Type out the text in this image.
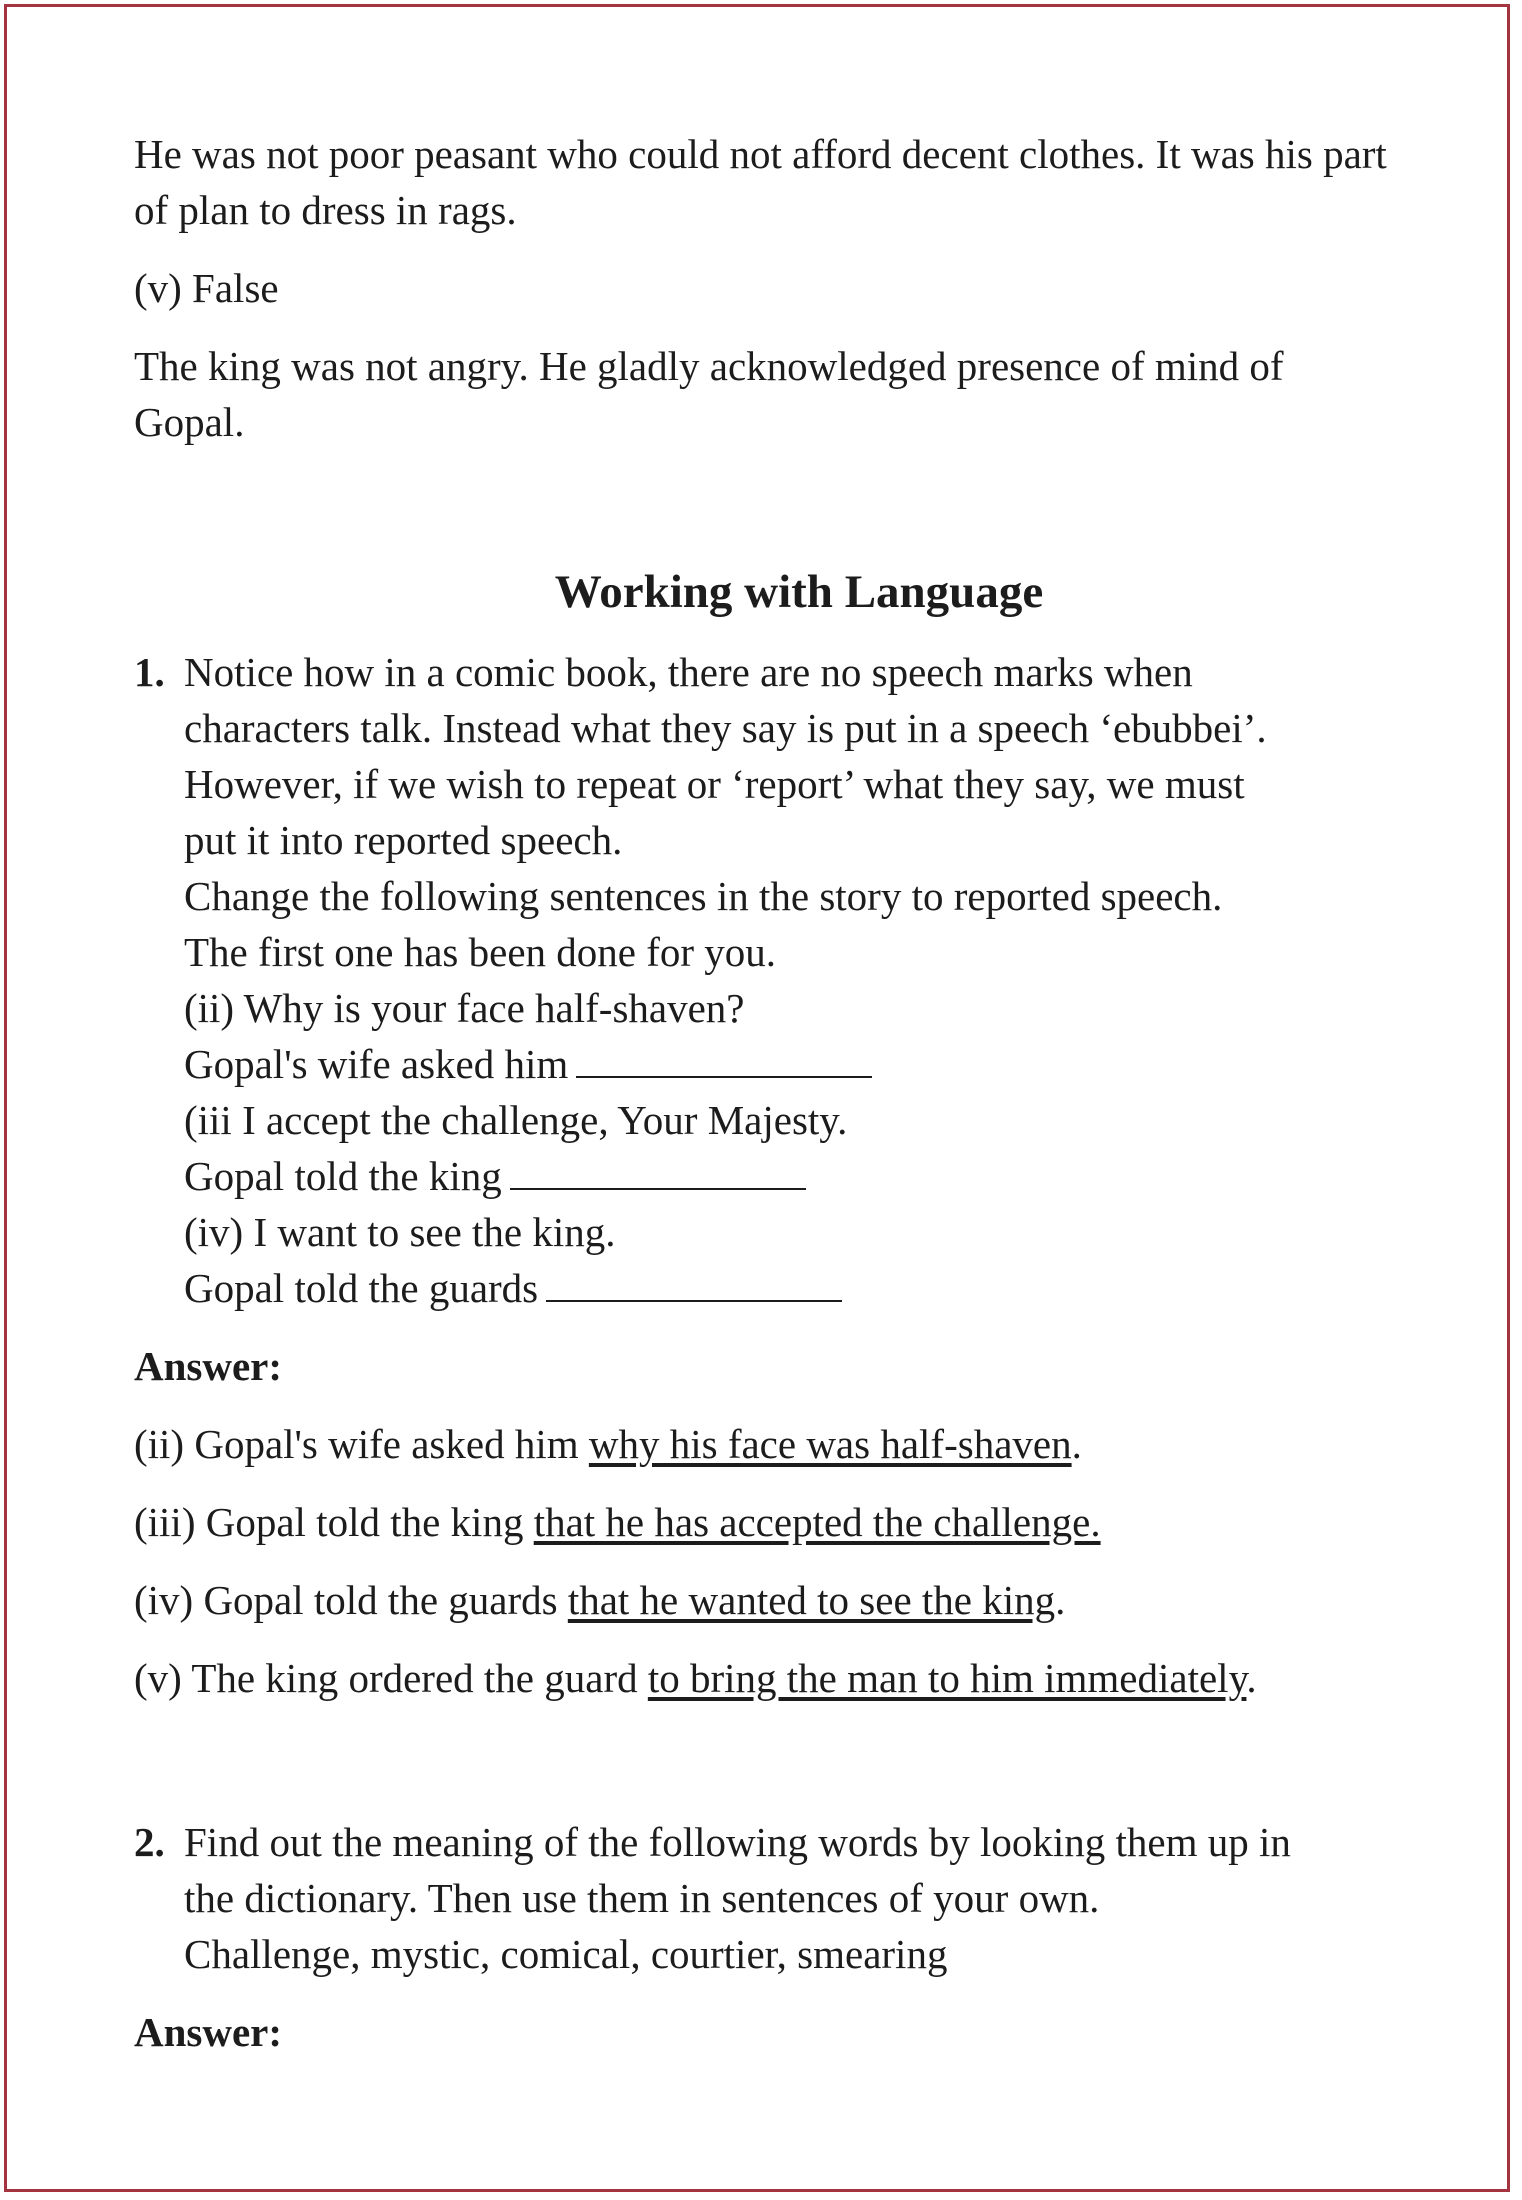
He was not poor peasant who could not afford decent clothes. It was his part of plan to dress in rags.

(v) False

The king was not angry. He gladly acknowledged presence of mind of Gopal.

Working with Language
1. Notice how in a comic book, there are no speech marks when
characters talk. Instead what they say is put in a speech ‘ebubbei’.
However, if we wish to repeat or ‘report’ what they say, we must
put it into reported speech.
Change the following sentences in the story to reported speech.
The first one has been done for you.
(ii) Why is your face half-shaven?
Gopal's wife asked him
(iii I accept the challenge, Your Majesty.
Gopal told the king
(iv) I want to see the king.
Gopal told the guards

Answer:

(ii) Gopal's wife asked him why his face was half-shaven.

(iii) Gopal told the king that he has accepted the challenge.

(iv) Gopal told the guards that he wanted to see the king.

(v) The king ordered the guard to bring the man to him immediately.

2. Find out the meaning of the following words by looking them up in
the dictionary. Then use them in sentences of your own.
Challenge, mystic, comical, courtier, smearing

Answer:
